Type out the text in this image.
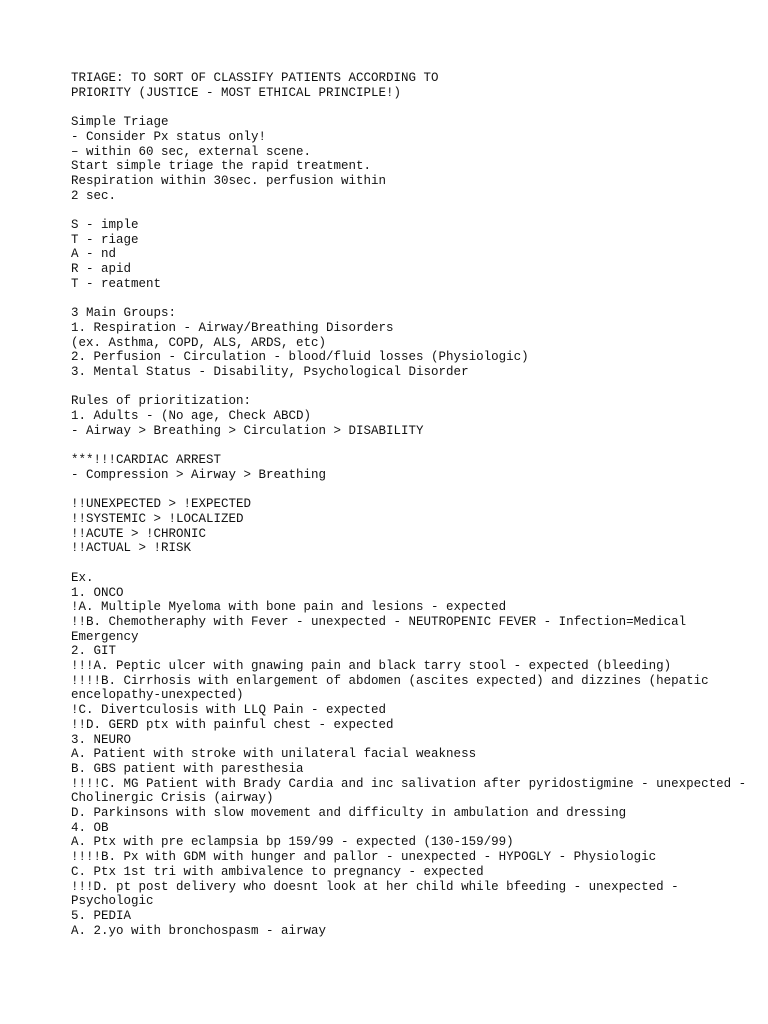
TRIAGE: TO SORT OF CLASSIFY PATIENTS ACCORDING TO
PRIORITY (JUSTICE - MOST ETHICAL PRINCIPLE!)
Simple Triage
- Consider Px status only!
– within 60 sec, external scene.
Start simple triage the rapid treatment.
Respiration within 30sec. perfusion within
2 sec.
S - imple
T - riage
A - nd
R - apid
T - reatment
3 Main Groups:
1. Respiration - Airway/Breathing Disorders
(ex. Asthma, COPD, ALS, ARDS, etc)
2. Perfusion - Circulation - blood/fluid losses (Physiologic)
3. Mental Status - Disability, Psychological Disorder
Rules of prioritization:
1. Adults - (No age, Check ABCD)
- Airway > Breathing > Circulation > DISABILITY
***!!!CARDIAC ARREST
- Compression > Airway > Breathing
!!UNEXPECTED > !EXPECTED
!!SYSTEMIC > !LOCALIZED
!!ACUTE > !CHRONIC
!!ACTUAL > !RISK
Ex.
1. ONCO
!A. Multiple Myeloma with bone pain and lesions - expected
!!B. Chemotheraphy with Fever - unexpected - NEUTROPENIC FEVER - Infection=Medical Emergency
2. GIT
!!!A. Peptic ulcer with gnawing pain and black tarry stool - expected (bleeding)
!!!!B. Cirrhosis with enlargement of abdomen (ascites expected) and dizzines (hepatic encelopathy-unexpected)
!C. Divertculosis with LLQ Pain - expected
!!D. GERD ptx with painful chest - expected
3. NEURO
A. Patient with stroke with unilateral facial weakness
B. GBS patient with paresthesia
!!!!C. MG Patient with Brady Cardia and inc salivation after pyridostigmine - unexpected - Cholinergic Crisis (airway)
D. Parkinsons with slow movement and difficulty in ambulation and dressing
4. OB
A. Ptx with pre eclampsia bp 159/99 - expected (130-159/99)
!!!!B. Px with GDM with hunger and pallor - unexpected - HYPOGLY - Physiologic
C. Ptx 1st tri with ambivalence to pregnancy - expected
!!!D. pt post delivery who doesnt look at her child while bfeeding - unexpected - Psychologic
5. PEDIA
A. 2.yo with bronchospasm - airway
